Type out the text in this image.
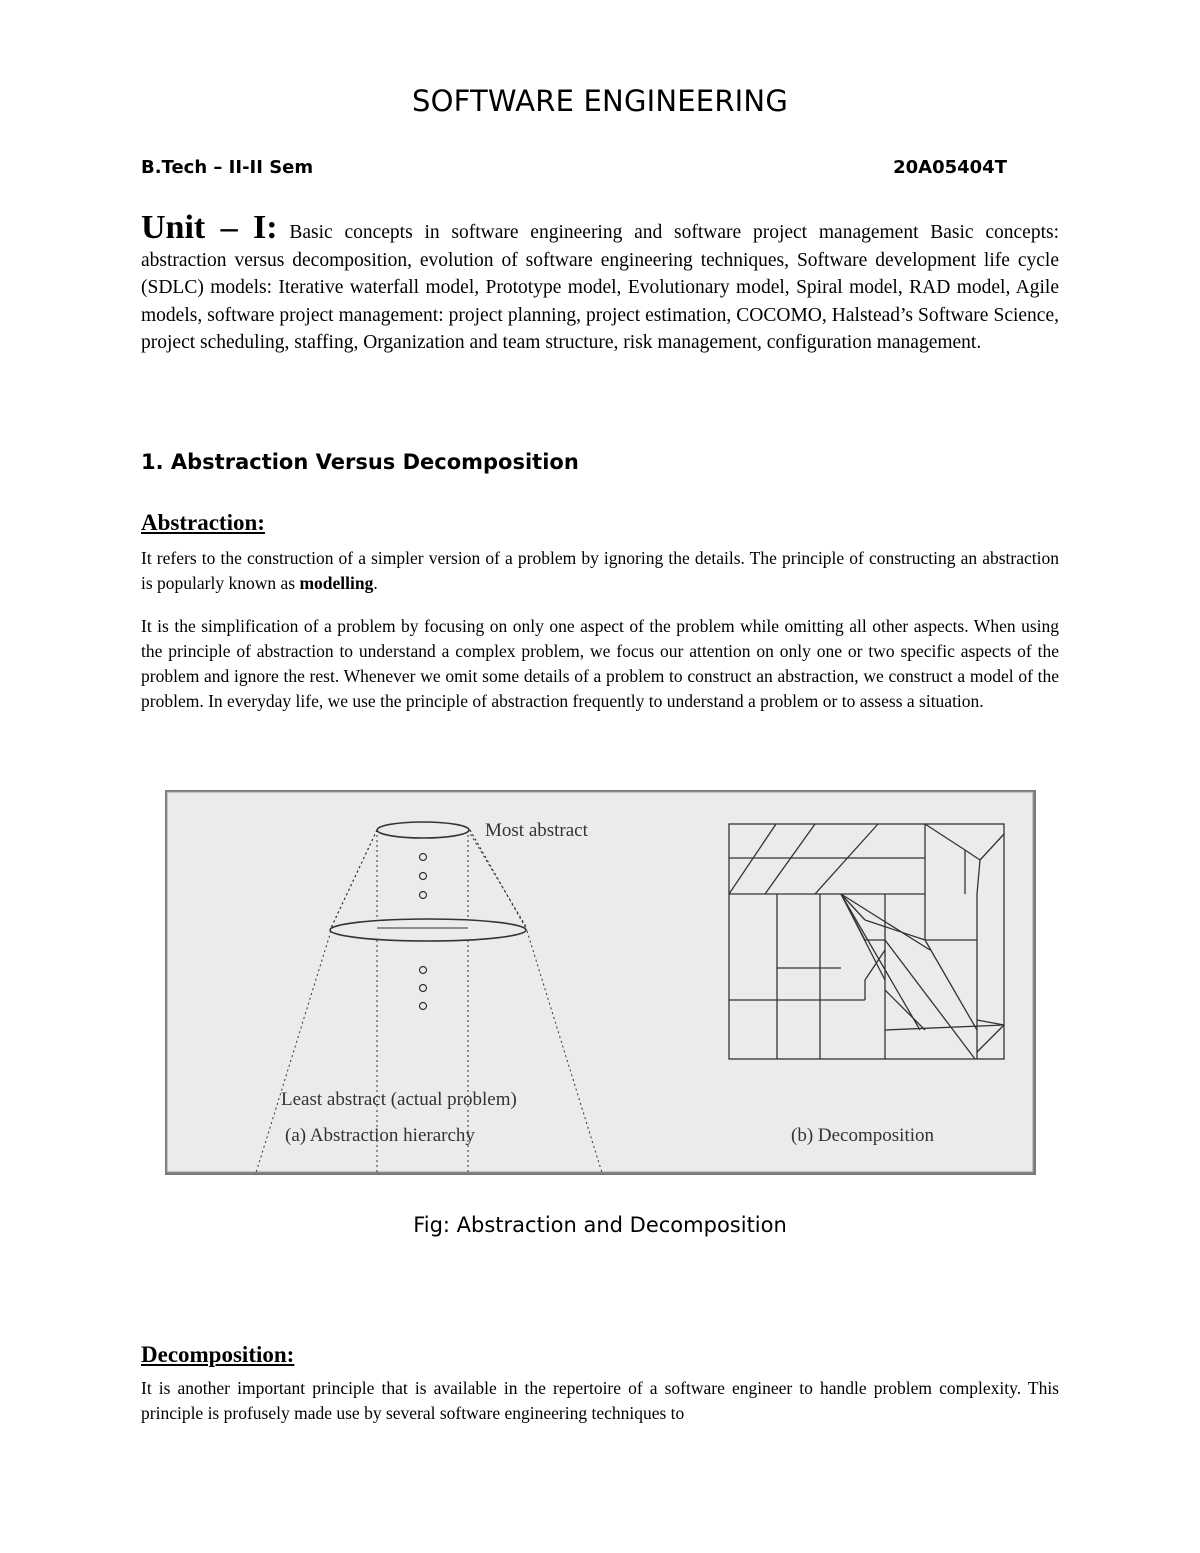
SOFTWARE ENGINEERING
B.Tech – II-II Sem	20A05404T
Unit – I: Basic concepts in software engineering and software project management Basic concepts: abstraction versus decomposition, evolution of software engineering techniques, Software development life cycle (SDLC) models: Iterative waterfall model, Prototype model, Evolutionary model, Spiral model, RAD model, Agile models, software project management: project planning, project estimation, COCOMO, Halstead’s Software Science, project scheduling, staffing, Organization and team structure, risk management, configuration management.
1. Abstraction Versus Decomposition
Abstraction:
It refers to the construction of a simpler version of a problem by ignoring the details. The principle of constructing an abstraction is popularly known as modelling.
It is the simplification of a problem by focusing on only one aspect of the problem while omitting all other aspects. When using the principle of abstraction to understand a complex problem, we focus our attention on only one or two specific aspects of the problem and ignore the rest. Whenever we omit some details of a problem to construct an abstraction, we construct a model of the problem. In everyday life, we use the principle of abstraction frequently to understand a problem or to assess a situation.
Most abstract
Least abstract (actual problem)
(a) Abstraction hierarchy	(b) Decomposition
Fig: Abstraction and Decomposition
Decomposition:
It is another important principle that is available in the repertoire of a software engineer to handle problem complexity. This principle is profusely made use by several software engineering techniques to
